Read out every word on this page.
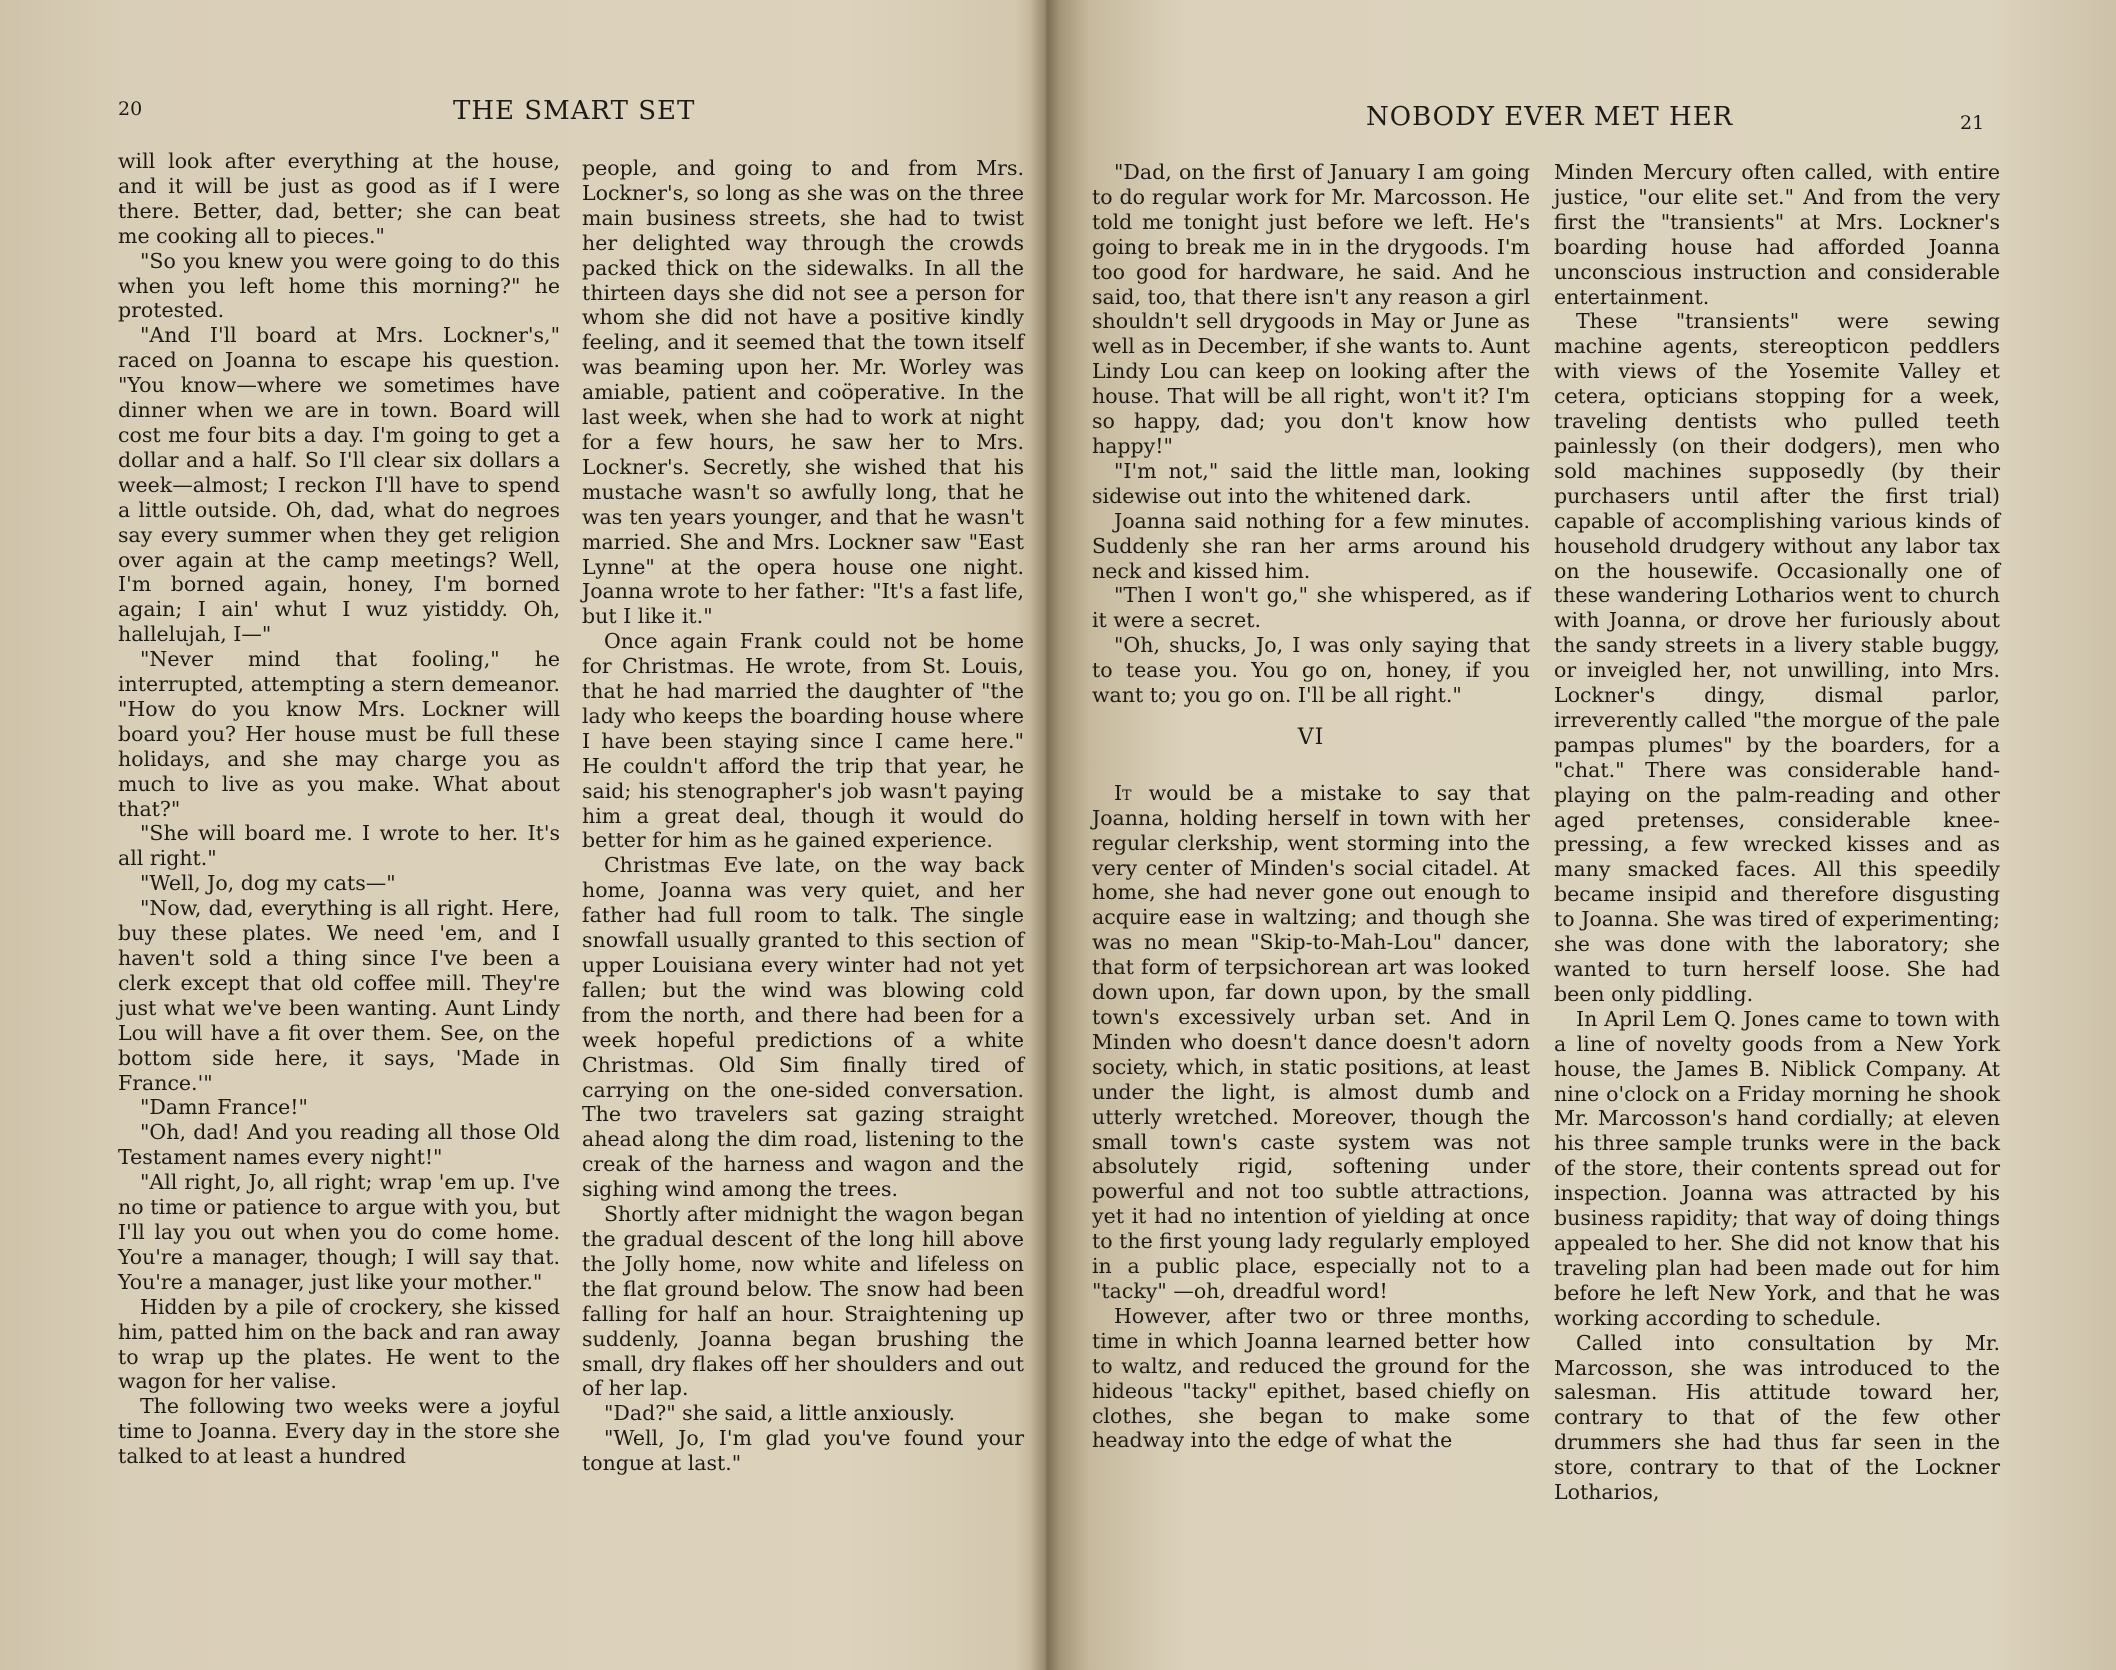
20	THE SMART SET

will look after everything at the house, and it will be just as good as if I were there. Better, dad, better; she can beat me cooking all to pieces."

"So you knew you were going to do this when you left home this morning?" he protested.

"And I'll board at Mrs. Lockner's," raced on Joanna to escape his question. "You know—where we sometimes have dinner when we are in town. Board will cost me four bits a day. I'm going to get a dollar and a half. So I'll clear six dollars a week—almost; I reckon I'll have to spend a little outside. Oh, dad, what do negroes say every summer when they get religion over again at the camp meetings? Well, I'm borned again, honey, I'm borned again; I ain' whut I wuz yistiddy. Oh, hallelujah, I—"

"Never mind that fooling," he interrupted, attempting a stern demeanor. "How do you know Mrs. Lockner will board you? Her house must be full these holidays, and she may charge you as much to live as you make. What about that?"

"She will board me. I wrote to her. It's all right."

"Well, Jo, dog my cats—"

"Now, dad, everything is all right. Here, buy these plates. We need 'em, and I haven't sold a thing since I've been a clerk except that old coffee mill. They're just what we've been wanting. Aunt Lindy Lou will have a fit over them. See, on the bottom side here, it says, 'Made in France.'"

"Damn France!"

"Oh, dad! And you reading all those Old Testament names every night!"

"All right, Jo, all right; wrap 'em up. I've no time or patience to argue with you, but I'll lay you out when you do come home. You're a manager, though; I will say that. You're a manager, just like your mother."

Hidden by a pile of crockery, she kissed him, patted him on the back and ran away to wrap up the plates. He went to the wagon for her valise.

The following two weeks were a joyful time to Joanna. Every day in the store she talked to at least a hundred

people, and going to and from Mrs. Lockner's, so long as she was on the three main business streets, she had to twist her delighted way through the crowds packed thick on the sidewalks. In all the thirteen days she did not see a person for whom she did not have a positive kindly feeling, and it seemed that the town itself was beaming upon her. Mr. Worley was amiable, patient and coöperative. In the last week, when she had to work at night for a few hours, he saw her to Mrs. Lockner's. Secretly, she wished that his mustache wasn't so awfully long, that he was ten years younger, and that he wasn't married. She and Mrs. Lockner saw "East Lynne" at the opera house one night. Joanna wrote to her father: "It's a fast life, but I like it."

Once again Frank could not be home for Christmas. He wrote, from St. Louis, that he had married the daughter of "the lady who keeps the boarding house where I have been staying since I came here." He couldn't afford the trip that year, he said; his stenographer's job wasn't paying him a great deal, though it would do better for him as he gained experience.

Christmas Eve late, on the way back home, Joanna was very quiet, and her father had full room to talk. The single snowfall usually granted to this section of upper Louisiana every winter had not yet fallen; but the wind was blowing cold from the north, and there had been for a week hopeful predictions of a white Christmas. Old Sim finally tired of carrying on the one-sided conversation. The two travelers sat gazing straight ahead along the dim road, listening to the creak of the harness and wagon and the sighing wind among the trees.

Shortly after midnight the wagon began the gradual descent of the long hill above the Jolly home, now white and lifeless on the flat ground below. The snow had been falling for half an hour. Straightening up suddenly, Joanna began brushing the small, dry flakes off her shoulders and out of her lap.

"Dad?" she said, a little anxiously.

"Well, Jo, I'm glad you've found your tongue at last."

NOBODY EVER MET HER	21

"Dad, on the first of January I am going to do regular work for Mr. Marcosson. He told me tonight just before we left. He's going to break me in in the drygoods. I'm too good for hardware, he said. And he said, too, that there isn't any reason a girl shouldn't sell drygoods in May or June as well as in December, if she wants to. Aunt Lindy Lou can keep on looking after the house. That will be all right, won't it? I'm so happy, dad; you don't know how happy!"

"I'm not," said the little man, looking sidewise out into the whitened dark.

Joanna said nothing for a few minutes. Suddenly she ran her arms around his neck and kissed him.

"Then I won't go," she whispered, as if it were a secret.

"Oh, shucks, Jo, I was only saying that to tease you. You go on, honey, if you want to; you go on. I'll be all right."

VI

It would be a mistake to say that Joanna, holding herself in town with her regular clerkship, went storming into the very center of Minden's social citadel. At home, she had never gone out enough to acquire ease in waltzing; and though she was no mean "Skip-to-Mah-Lou" dancer, that form of terpsichorean art was looked down upon, far down upon, by the small town's excessively urban set. And in Minden who doesn't dance doesn't adorn society, which, in static positions, at least under the light, is almost dumb and utterly wretched. Moreover, though the small town's caste system was not absolutely rigid, softening under powerful and not too subtle attractions, yet it had no intention of yielding at once to the first young lady regularly employed in a public place, especially not to a "tacky" —oh, dreadful word!

However, after two or three months, time in which Joanna learned better how to waltz, and reduced the ground for the hideous "tacky" epithet, based chiefly on clothes, she began to make some headway into the edge of what the

Minden Mercury often called, with entire justice, "our elite set." And from the very first the "transients" at Mrs. Lockner's boarding house had afforded Joanna unconscious instruction and considerable entertainment.

These "transients" were sewing machine agents, stereopticon peddlers with views of the Yosemite Valley et cetera, opticians stopping for a week, traveling dentists who pulled teeth painlessly (on their dodgers), men who sold machines supposedly (by their purchasers until after the first trial) capable of accomplishing various kinds of household drudgery without any labor tax on the housewife. Occasionally one of these wandering Lotharios went to church with Joanna, or drove her furiously about the sandy streets in a livery stable buggy, or inveigled her, not unwilling, into Mrs. Lockner's dingy, dismal parlor, irreverently called "the morgue of the pale pampas plumes" by the boarders, for a "chat." There was considerable hand-playing on the palm-reading and other aged pretenses, considerable knee-pressing, a few wrecked kisses and as many smacked faces. All this speedily became insipid and therefore disgusting to Joanna. She was tired of experimenting; she was done with the laboratory; she wanted to turn herself loose. She had been only piddling.

In April Lem Q. Jones came to town with a line of novelty goods from a New York house, the James B. Niblick Company. At nine o'clock on a Friday morning he shook Mr. Marcosson's hand cordially; at eleven his three sample trunks were in the back of the store, their contents spread out for inspection. Joanna was attracted by his business rapidity; that way of doing things appealed to her. She did not know that his traveling plan had been made out for him before he left New York, and that he was working according to schedule.

Called into consultation by Mr. Marcosson, she was introduced to the salesman. His attitude toward her, contrary to that of the few other drummers she had thus far seen in the store, contrary to that of the Lockner Lotharios,
